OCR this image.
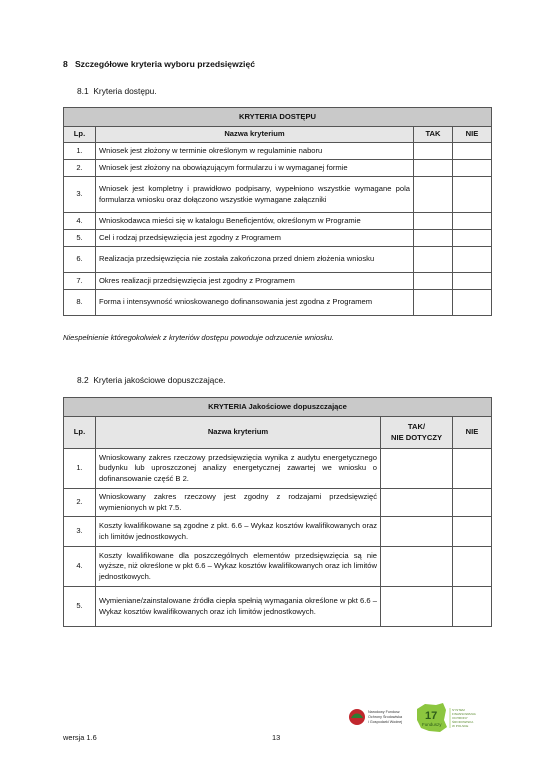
8 Szczegółowe kryteria wyboru przedsięwzięć
8.1 Kryteria dostępu.
KRYTERIA DOSTĘPU			
Lp.	Nazwa kryterium	TAK	NIE
1.	Wniosek jest złożony w terminie określonym w regulaminie naboru		
2.	Wniosek jest złożony na obowiązującym formularzu i w wymaganej formie		
3.	Wniosek jest kompletny i prawidłowo podpisany, wypełniono wszystkie wymagane pola formularza wniosku oraz dołączono wszystkie wymagane załączniki		
4.	Wnioskodawca mieści się w katalogu Beneficjentów, określonym w Programie		
5.	Cel i rodzaj przedsięwzięcia jest zgodny z Programem		
6.	Realizacja przedsięwzięcia nie została zakończona przed dniem złożenia wniosku		
7.	Okres realizacji przedsięwzięcia jest zgodny z Programem		
8.	Forma i intensywność wnioskowanego dofinansowania jest zgodna z Programem		
Niespełnienie któregokolwiek z kryteriów dostępu powoduje odrzucenie wniosku.
8.2 Kryteria jakościowe dopuszczające.
KRYTERIA Jakościowe dopuszczające			
Lp.	Nazwa kryterium	TAK/
NIE DOTYCZY	NIE
1.	Wnioskowany zakres rzeczowy przedsięwzięcia wynika z audytu energetycznego budynku lub uproszczonej analizy energetycznej zawartej we wniosku o dofinansowanie część B 2.		
2.	Wnioskowany zakres rzeczowy jest zgodny z rodzajami przedsięwzięć wymienionych w pkt 7.5.		
3.	Koszty kwalifikowane są zgodne z pkt. 6.6 – Wykaz kosztów kwalifikowanych oraz ich limitów jednostkowych.		
4.	Koszty kwalifikowane dla poszczególnych elementów przedsięwzięcia są nie wyższe, niż określone w pkt 6.6 – Wykaz kosztów kwalifikowanych oraz ich limitów jednostkowych.		
5.	Wymieniane/zainstalowane źródła ciepła spełnią wymagania określone w pkt 6.6 – Wykaz kosztów kwalifikowanych oraz ich limitów jednostkowych.		
Narodowy Fundusz
Ochrony Środowiska
i Gospodarki Wodnej 17
Funduszy
SYSTEM
FINANSOWANIA
OCHRONY
ŚRODOWISKA
W POLSCE
wersja 1.6	13
